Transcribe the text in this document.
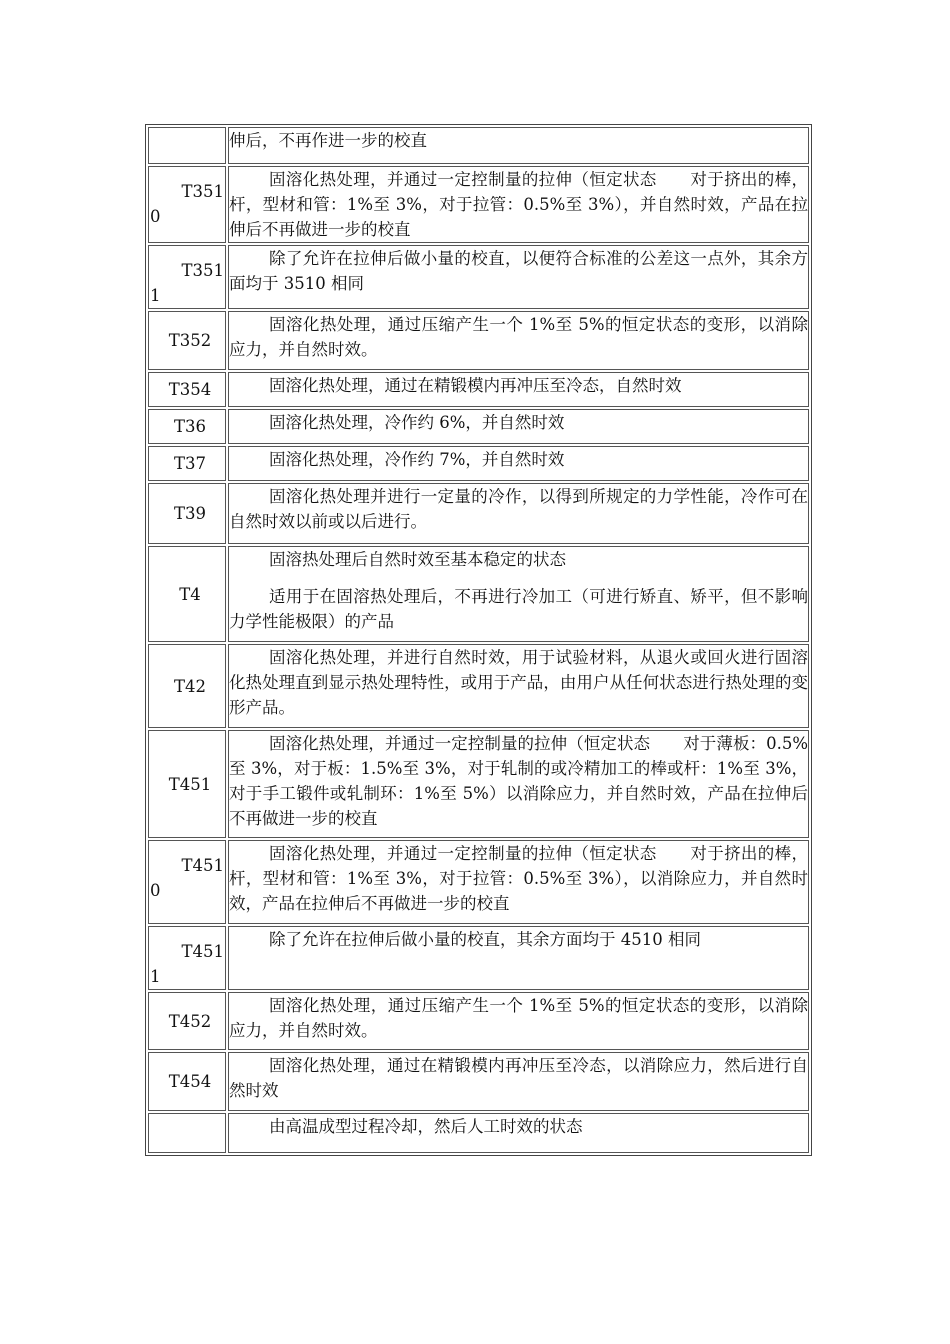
	伸后，不再作进一步的校直

T351
0	固溶化热处理，并通过一定控制量的拉伸（恒定状态　　对于挤出的棒，杆，型材和管：1%至 3%，对于拉管：0.5%至 3%），并自然时效，产品在拉伸后不再做进一步的校直

T351
1	除了允许在拉伸后做小量的校直，以便符合标准的公差这一点外，其余方面均于 3510 相同

T352	固溶化热处理，通过压缩产生一个 1%至 5%的恒定状态的变形，以消除应力，并自然时效。

T354	固溶化热处理，通过在精锻模内再冲压至冷态，自然时效

T36	固溶化热处理，冷作约 6%，并自然时效

T37	固溶化热处理，冷作约 7%，并自然时效

T39	固溶化热处理并进行一定量的冷作，以得到所规定的力学性能，冷作可在自然时效以前或以后进行。

T4	固溶热处理后自然时效至基本稳定的状态

适用于在固溶热处理后，不再进行冷加工（可进行矫直、矫平，但不影响力学性能极限）的产品

T42	固溶化热处理，并进行自然时效，用于试验材料，从退火或回火进行固溶化热处理直到显示热处理特性，或用于产品，由用户从任何状态进行热处理的变形产品。

T451	固溶化热处理，并通过一定控制量的拉伸（恒定状态　　对于薄板：0.5%至 3%，对于板：1.5%至 3%，对于轧制的或冷精加工的棒或杆：1%至 3%，对于手工锻件或轧制环：1%至 5%）以消除应力，并自然时效，产品在拉伸后不再做进一步的校直

T451
0	固溶化热处理，并通过一定控制量的拉伸（恒定状态　　对于挤出的棒，杆，型材和管：1%至 3%，对于拉管：0.5%至 3%），以消除应力，并自然时效，产品在拉伸后不再做进一步的校直

T451
1	除了允许在拉伸后做小量的校直，其余方面均于 4510 相同

T452	固溶化热处理，通过压缩产生一个 1%至 5%的恒定状态的变形，以消除应力，并自然时效。

T454	固溶化热处理，通过在精锻模内再冲压至冷态，以消除应力，然后进行自然时效

	由高温成型过程冷却，然后人工时效的状态
